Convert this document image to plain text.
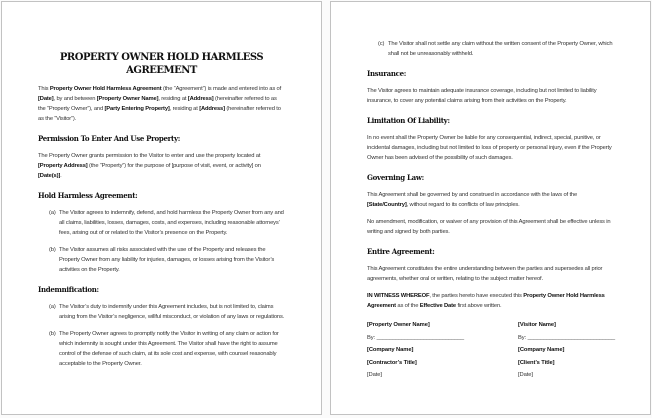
PROPERTY OWNER HOLD HARMLESS
AGREEMENT

This Property Owner Hold Harmless Agreement (the “Agreement”) is made and entered into as of [Date], by and between [Property Owner Name], residing at [Address] (hereinafter referred to as the “Property Owner”), and [Party Entering Property], residing at [Address] (hereinafter referred to as the “Visitor”).

Permission To Enter And Use Property:

The Property Owner grants permission to the Visitor to enter and use the property located at [Property Address] (the “Property”) for the purpose of [purpose of visit, event, or activity] on [Date(s)].

Hold Harmless Agreement:
(a) The Visitor agrees to indemnify, defend, and hold harmless the Property Owner from any and all claims, liabilities, losses, damages, costs, and expenses, including reasonable attorneys’ fees, arising out of or related to the Visitor’s presence on the Property.
(b) The Visitor assumes all risks associated with the use of the Property and releases the Property Owner from any liability for injuries, damages, or losses arising from the Visitor’s activities on the Property.
Indemnification:
(a) The Visitor’s duty to indemnify under this Agreement includes, but is not limited to, claims arising from the Visitor’s negligence, willful misconduct, or violation of any laws or regulations.
(b) The Property Owner agrees to promptly notify the Visitor in writing of any claim or action for which indemnity is sought under this Agreement. The Visitor shall have the right to assume control of the defense of such claim, at its sole cost and expense, with counsel reasonably acceptable to the Property Owner.
(c) The Visitor shall not settle any claim without the written consent of the Property Owner, which shall not be unreasonably withheld.
Insurance:

The Visitor agrees to maintain adequate insurance coverage, including but not limited to liability insurance, to cover any potential claims arising from their activities on the Property.

Limitation Of Liability:

In no event shall the Property Owner be liable for any consequential, indirect, special, punitive, or incidental damages, including but not limited to loss of property or personal injury, even if the Property Owner has been advised of the possibility of such damages.

Governing Law:

This Agreement shall be governed by and construed in accordance with the laws of the [State/Country], without regard to its conflicts of law principles.

No amendment, modification, or waiver of any provision of this Agreement shall be effective unless in writing and signed by both parties.

Entire Agreement:

This Agreement constitutes the entire understanding between the parties and supersedes all prior agreements, whether oral or written, relating to the subject matter hereof.

IN WITNESS WHEREOF, the parties hereto have executed this Property Owner Hold Harmless Agreement as of the Effective Date first above written.

[Property Owner Name]
By: ____________________________
[Company Name]
[Contractor’s Title]
[Date]
[Visitor Name]
By: ____________________________
[Company Name]
[Client’s Title]
[Date]
